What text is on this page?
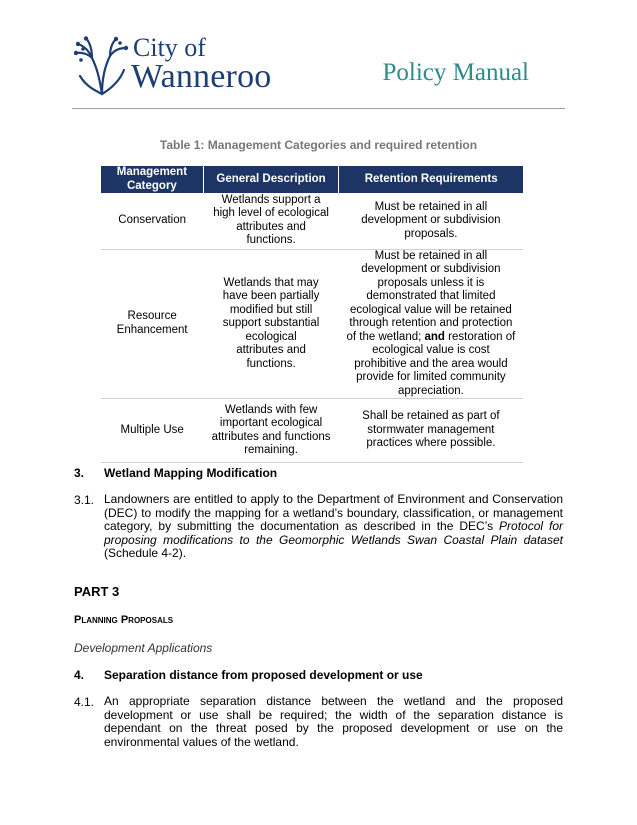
City of
Wanneroo	Policy Manual
Table 1: Management Categories and required retention
Management Category	General Description	Retention Requirements
Conservation	Wetlands support a high level of ecological attributes and functions.	Must be retained in all development or subdivision proposals.

Resource Enhancement	Wetlands that may have been partially modified but still support substantial ecological attributes and functions.	Must be retained in all development or subdivision proposals unless it is demonstrated that limited ecological value will be retained through retention and protection of the wetland; and restoration of ecological value is cost prohibitive and the area would provide for limited community appreciation.

Multiple Use	Wetlands with few important ecological attributes and functions remaining.	Shall be retained as part of stormwater management practices where possible.
3. Wetland Mapping Modification
3.1. Landowners are entitled to apply to the Department of Environment and Conservation (DEC) to modify the mapping for a wetland’s boundary, classification, or management category, by submitting the documentation as described in the DEC’s Protocol for proposing modifications to the Geomorphic Wetlands Swan Coastal Plain dataset (Schedule 4-2).
PART 3
Planning Proposals
Development Applications
4. Separation distance from proposed development or use
4.1. An appropriate separation distance between the wetland and the proposed development or use shall be required; the width of the separation distance is dependant on the threat posed by the proposed development or use on the environmental values of the wetland.
